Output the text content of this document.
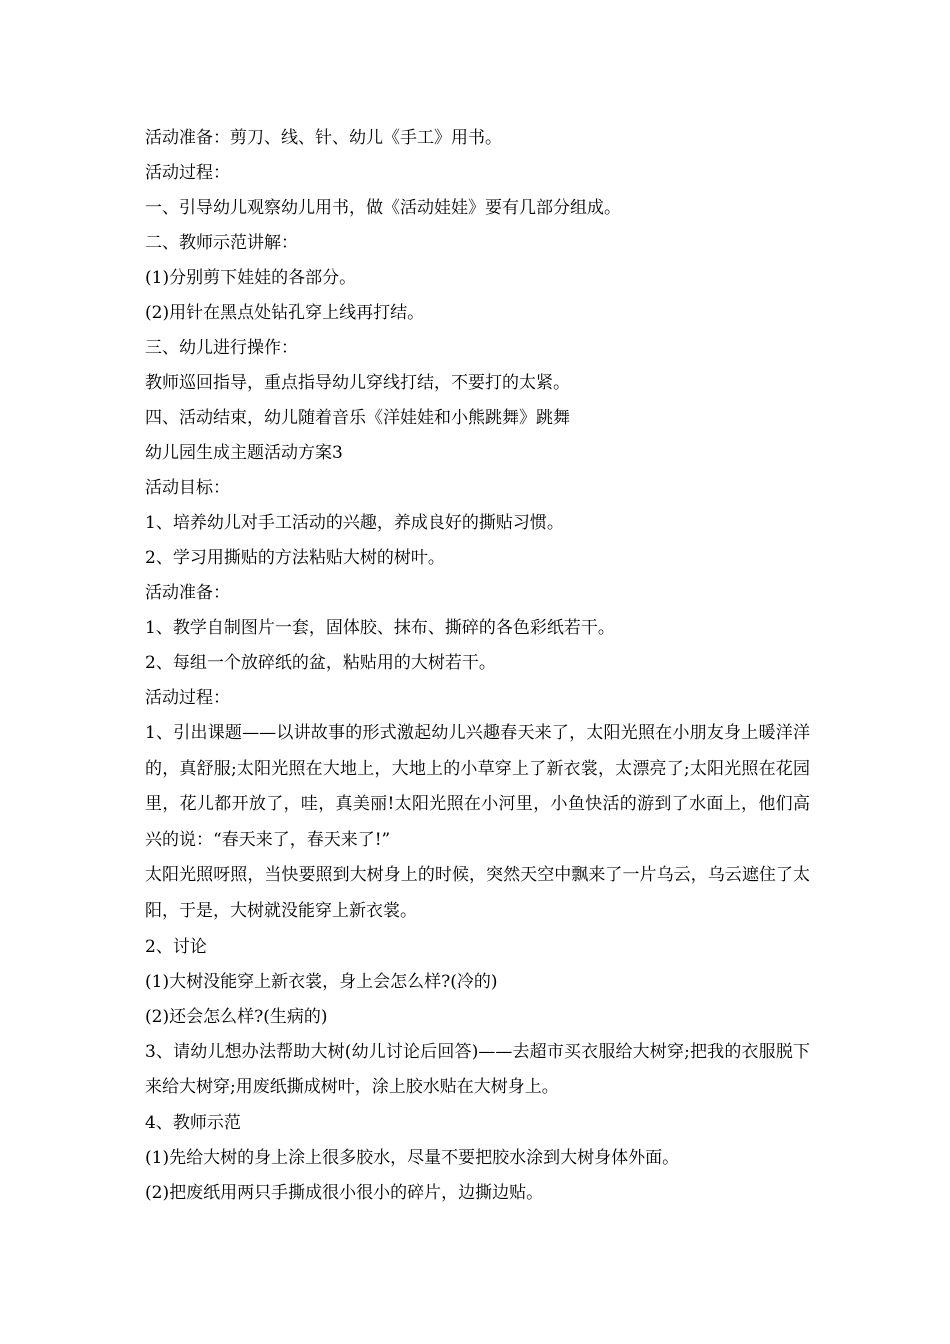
活动准备：剪刀、线、针、幼儿《手工》用书。

活动过程：

一、引导幼儿观察幼儿用书，做《活动娃娃》要有几部分组成。

二、教师示范讲解：

(1)分别剪下娃娃的各部分。

(2)用针在黑点处钻孔穿上线再打结。

三、幼儿进行操作：

教师巡回指导，重点指导幼儿穿线打结，不要打的太紧。

四、活动结束，幼儿随着音乐《洋娃娃和小熊跳舞》跳舞

幼儿园生成主题活动方案3

活动目标：

1、培养幼儿对手工活动的兴趣，养成良好的撕贴习惯。

2、学习用撕贴的方法粘贴大树的树叶。

活动准备：

1、教学自制图片一套，固体胶、抹布、撕碎的各色彩纸若干。

2、每组一个放碎纸的盆，粘贴用的大树若干。

活动过程：

1、引出课题——以讲故事的形式激起幼儿兴趣春天来了，太阳光照在小朋友身上暖洋洋的，真舒服;太阳光照在大地上，大地上的小草穿上了新衣裳，太漂亮了;太阳光照在花园里，花儿都开放了，哇，真美丽!太阳光照在小河里，小鱼快活的游到了水面上，他们高兴的说：“春天来了，春天来了!”

太阳光照呀照，当快要照到大树身上的时候，突然天空中飘来了一片乌云，乌云遮住了太阳，于是，大树就没能穿上新衣裳。

2、讨论

(1)大树没能穿上新衣裳，身上会怎么样?(冷的)

(2)还会怎么样?(生病的)

3、请幼儿想办法帮助大树(幼儿讨论后回答)——去超市买衣服给大树穿;把我的衣服脱下来给大树穿;用废纸撕成树叶，涂上胶水贴在大树身上。

4、教师示范

(1)先给大树的身上涂上很多胶水，尽量不要把胶水涂到大树身体外面。

(2)把废纸用两只手撕成很小很小的碎片，边撕边贴。
